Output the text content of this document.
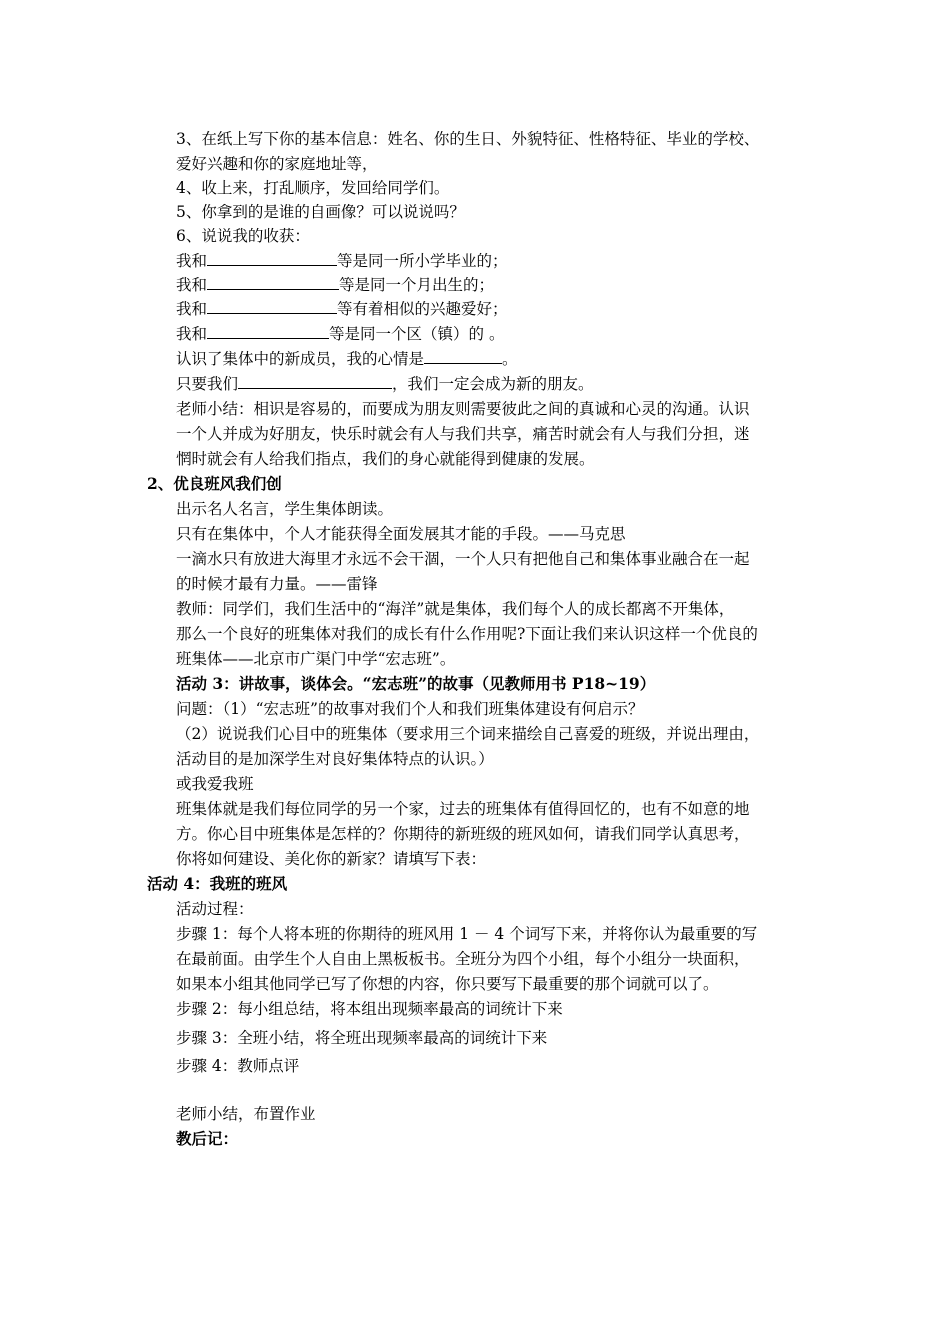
3、在纸上写下你的基本信息：姓名、你的生日、外貌特征、性格特征、毕业的学校、
爱好兴趣和你的家庭地址等，
4、收上来，打乱顺序，发回给同学们。
5、你拿到的是谁的自画像？可以说说吗？
6、说说我的收获：
我和	等是同一所小学毕业的；
我和	等是同一个月出生的；
我和	等有着相似的兴趣爱好；
我和	等是同一个区（镇）的 。
认识了集体中的新成员，我的心情是	。
只要我们	，我们一定会成为新的朋友。
老师小结：相识是容易的，而要成为朋友则需要彼此之间的真诚和心灵的沟通。认识
一个人并成为好朋友，快乐时就会有人与我们共享，痛苦时就会有人与我们分担，迷
惘时就会有人给我们指点，我们的身心就能得到健康的发展。
2、优良班风我们创
出示名人名言，学生集体朗读。
只有在集体中，个人才能获得全面发展其才能的手段。——马克思
一滴水只有放进大海里才永远不会干涸，一个人只有把他自己和集体事业融合在一起
的时候才最有力量。——雷锋
教师：同学们，我们生活中的“海洋”就是集体，我们每个人的成长都离不开集体，
那么一个良好的班集体对我们的成长有什么作用呢?下面让我们来认识这样一个优良的
班集体——北京市广渠门中学“宏志班”。
活动 3：讲故事，谈体会。“宏志班”的故事（见教师用书 P18~19）
问题：（1）“宏志班”的故事对我们个人和我们班集体建设有何启示？
（2）说说我们心目中的班集体（要求用三个词来描绘自己喜爱的班级，并说出理由，
活动目的是加深学生对良好集体特点的认识。）
或我爱我班
班集体就是我们每位同学的另一个家，过去的班集体有值得回忆的，也有不如意的地
方。你心目中班集体是怎样的？你期待的新班级的班风如何，请我们同学认真思考，
你将如何建设、美化你的新家？请填写下表：
活动 4：我班的班风
活动过程：
步骤 1：每个人将本班的你期待的班风用 1 － 4 个词写下来，并将你认为最重要的写
在最前面。由学生个人自由上黑板板书。全班分为四个小组，每个小组分一块面积，
如果本小组其他同学已写了你想的内容，你只要写下最重要的那个词就可以了。
步骤 2：每小组总结，将本组出现频率最高的词统计下来
步骤 3：全班小结，将全班出现频率最高的词统计下来
步骤 4：教师点评
老师小结，布置作业
教后记：
